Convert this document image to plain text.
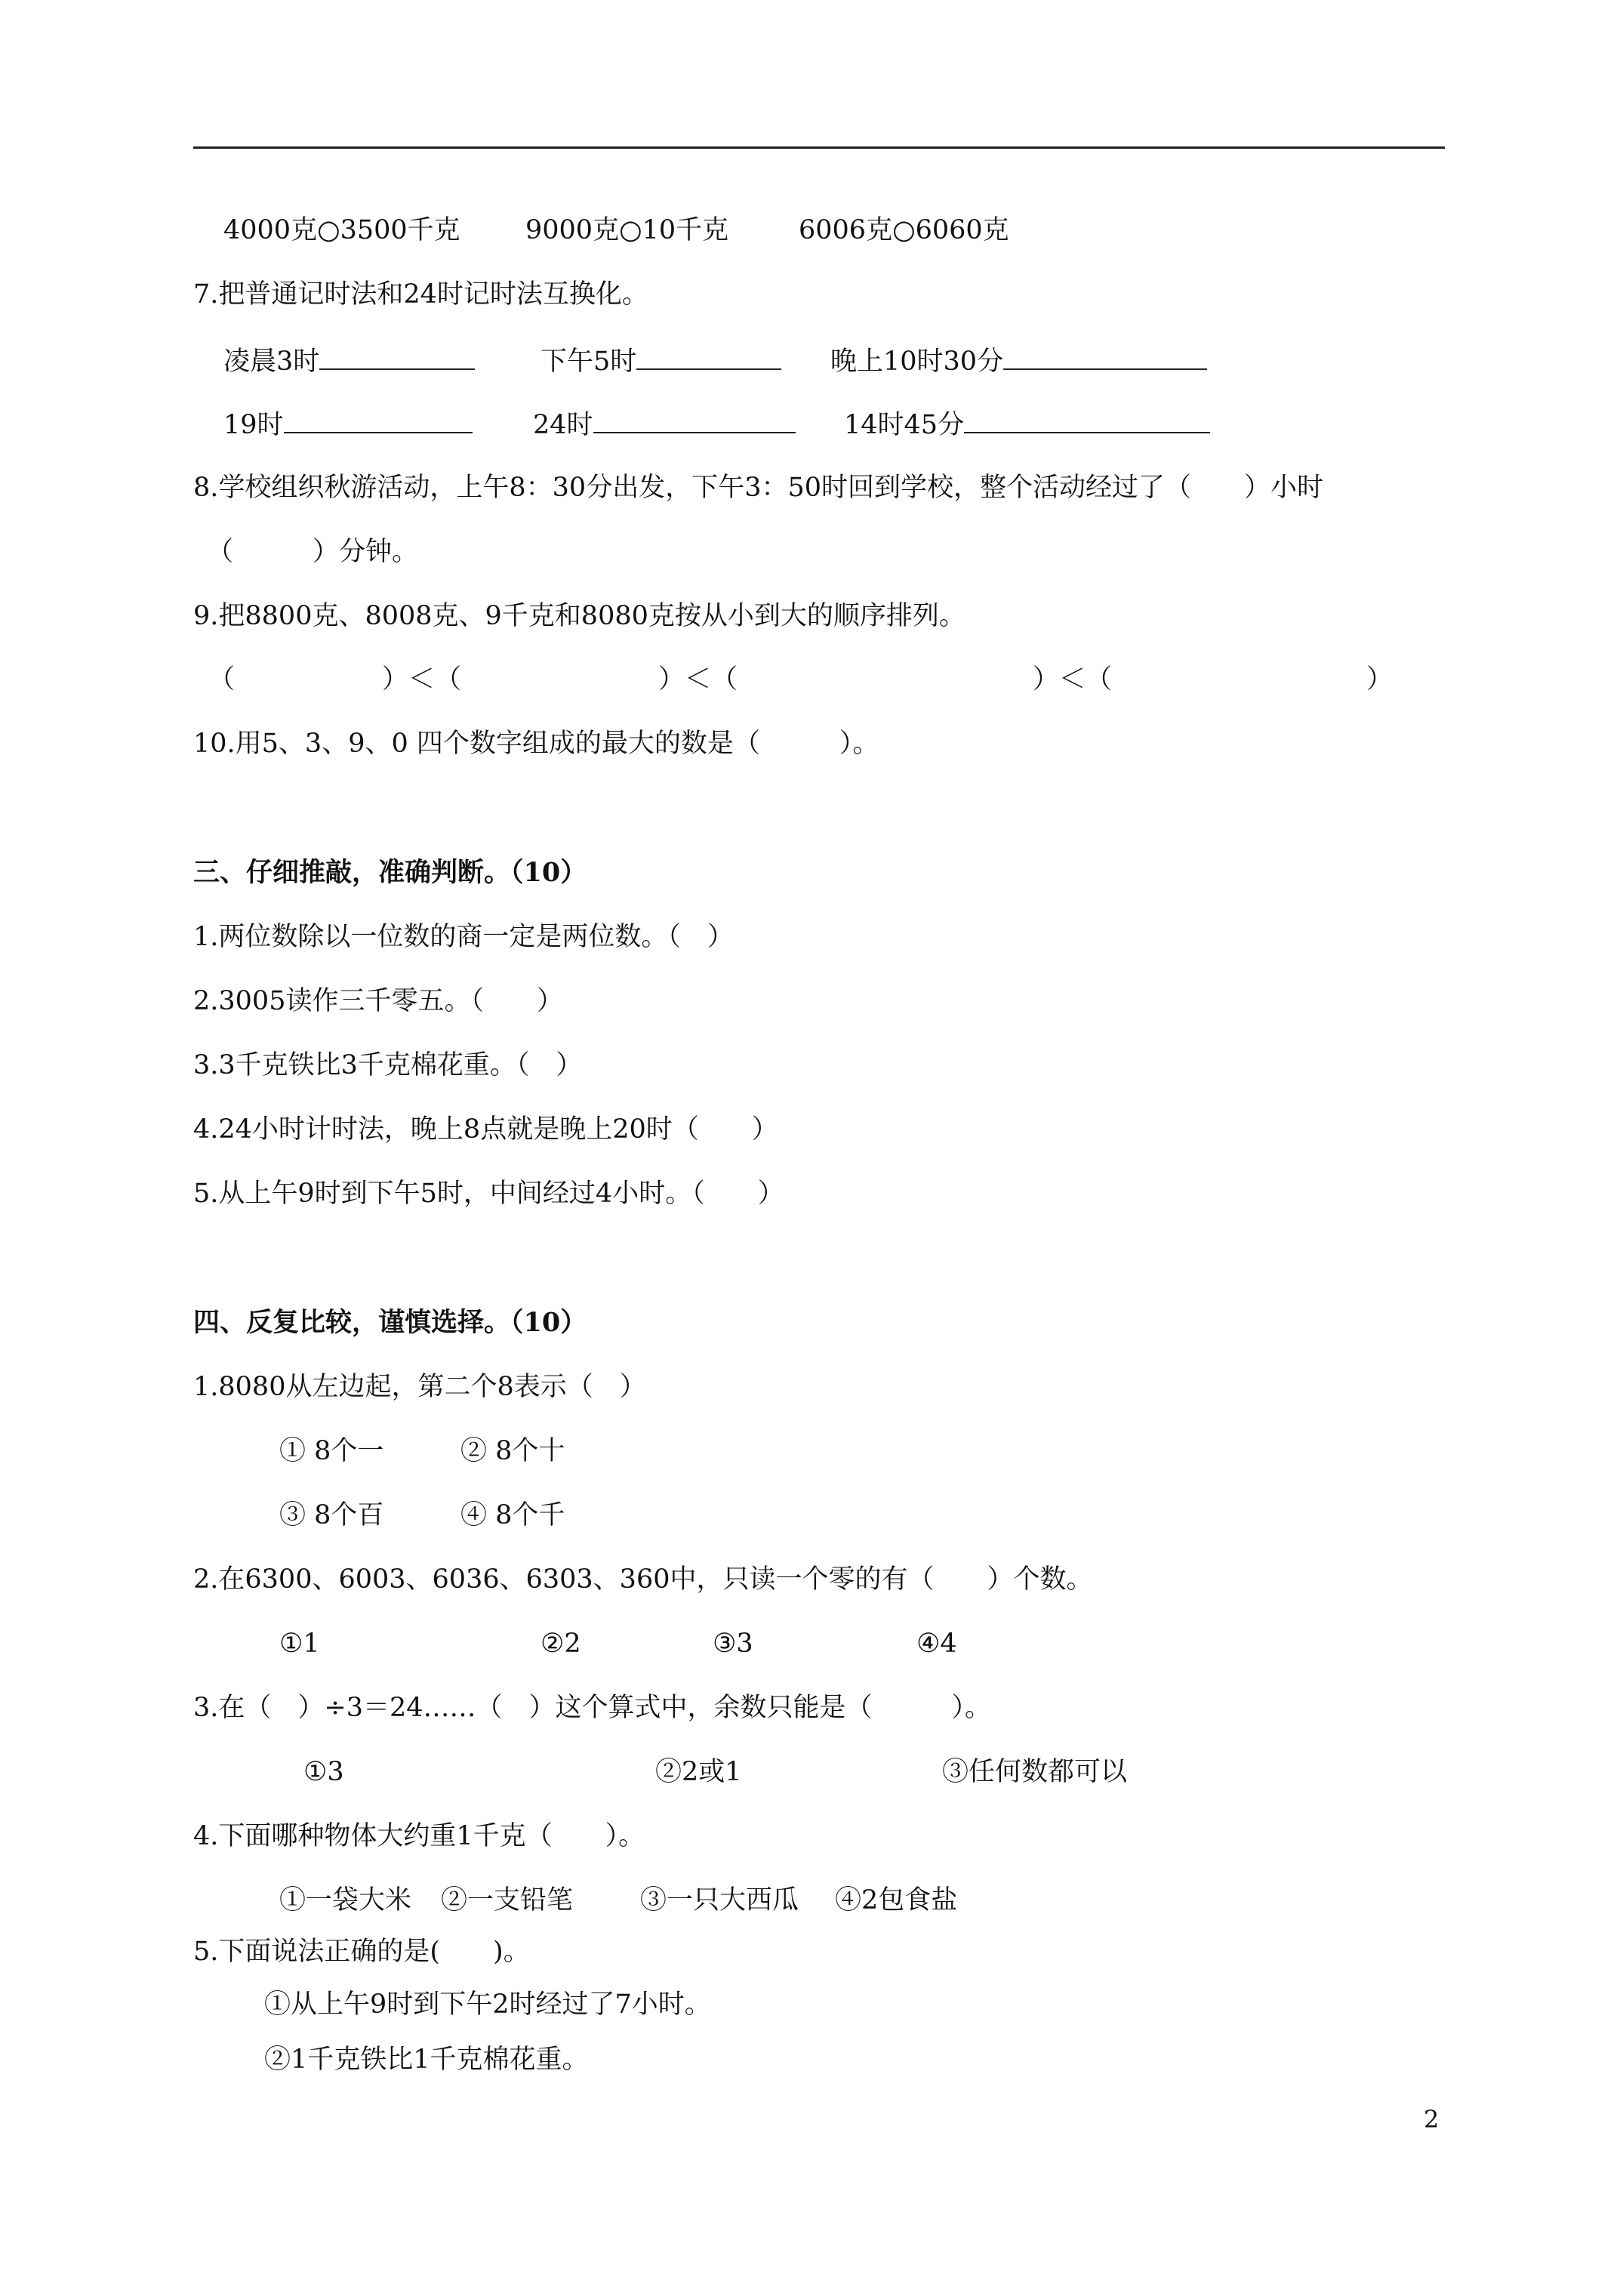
4000克○3500千克 9000克○10千克	6006克○6060克
7.把普通记时法和24时记时法互换化。
凌晨3时	下午5时	晚上10时30分
19时	24时	14时45分
8.学校组织秋游活动，上午8：30分出发，下午3：50时回到学校，整个活动经过了（　　）小时
（　　　）分钟。
9.把8800克、8008克、9千克和8080克按从小到大的顺序排列。
（	）＜（	）＜（	）＜（	）
10.用5、3、9、0 四个数字组成的最大的数是（　　　）。
三、仔细推敲，准确判断。（10）
1.两位数除以一位数的商一定是两位数。（　）
2.3005读作三千零五。（　　）
3.3千克铁比3千克棉花重。（　）
4.24小时计时法，晚上8点就是晚上20时（　　）
5.从上午9时到下午5时，中间经过4小时。（　　）
四、反复比较，谨慎选择。（10）
1.8080从左边起，第二个8表示（　）
① 8个一	② 8个十
③ 8个百	④ 8个千
2.在6300、6003、6036、6303、360中，只读一个零的有（　　）个数。
①1	②2	③3	④4
3.在（　）÷3＝24……（　）这个算式中，余数只能是（　　　）。
①3	②2或1	③任何数都可以
4.下面哪种物体大约重1千克（　　）。
①一袋大米 ②一支铅笔	③一只大西瓜 ④2包食盐
5.下面说法正确的是(　　)。
①从上午9时到下午2时经过了7小时。
②1千克铁比1千克棉花重。
2
